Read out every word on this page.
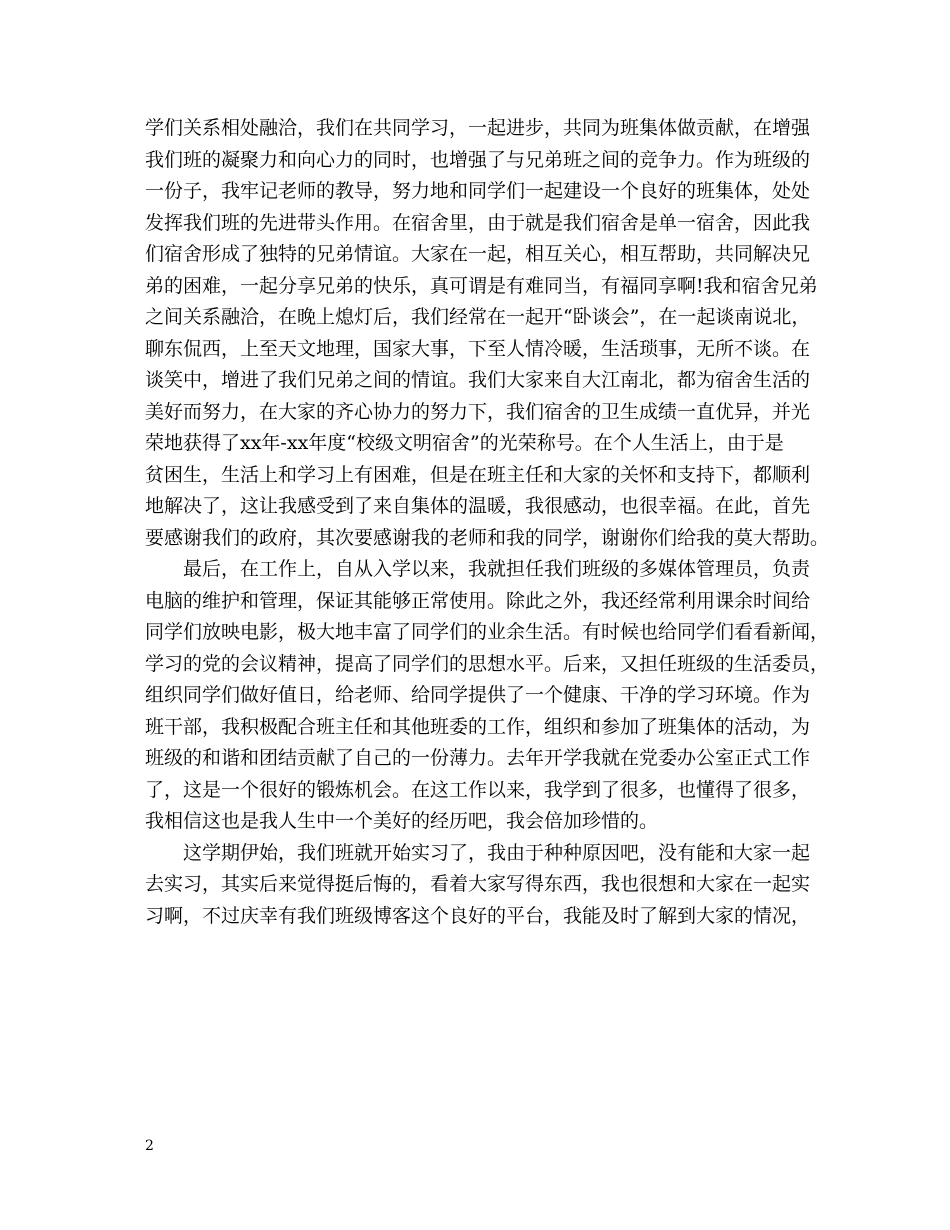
学们关系相处融洽，我们在共同学习，一起进步，共同为班集体做贡献，在增强
我们班的凝聚力和向心力的同时，也增强了与兄弟班之间的竞争力。作为班级的
一份子，我牢记老师的教导，努力地和同学们一起建设一个良好的班集体，处处
发挥我们班的先进带头作用。在宿舍里，由于就是我们宿舍是单一宿舍，因此我
们宿舍形成了独特的兄弟情谊。大家在一起，相互关心，相互帮助，共同解决兄
弟的困难，一起分享兄弟的快乐，真可谓是有难同当，有福同享啊!我和宿舍兄弟
之间关系融洽，在晚上熄灯后，我们经常在一起开“卧谈会”，在一起谈南说北，
聊东侃西，上至天文地理，国家大事，下至人情冷暖，生活琐事，无所不谈。在
谈笑中，增进了我们兄弟之间的情谊。我们大家来自大江南北，都为宿舍生活的
美好而努力，在大家的齐心协力的努力下，我们宿舍的卫生成绩一直优异，并光
荣地获得了xx年-xx年度“校级文明宿舍”的光荣称号。在个人生活上，由于是
贫困生，生活上和学习上有困难，但是在班主任和大家的关怀和支持下，都顺利
地解决了，这让我感受到了来自集体的温暖，我很感动，也很幸福。在此，首先
要感谢我们的政府，其次要感谢我的老师和我的同学，谢谢你们给我的莫大帮助。
　　最后，在工作上，自从入学以来，我就担任我们班级的多媒体管理员，负责
电脑的维护和管理，保证其能够正常使用。除此之外，我还经常利用课余时间给
同学们放映电影，极大地丰富了同学们的业余生活。有时候也给同学们看看新闻，
学习的党的会议精神，提高了同学们的思想水平。后来，又担任班级的生活委员，
组织同学们做好值日，给老师、给同学提供了一个健康、干净的学习环境。作为
班干部，我积极配合班主任和其他班委的工作，组织和参加了班集体的活动，为
班级的和谐和团结贡献了自己的一份薄力。去年开学我就在党委办公室正式工作
了，这是一个很好的锻炼机会。在这工作以来，我学到了很多，也懂得了很多，
我相信这也是我人生中一个美好的经历吧，我会倍加珍惜的。
　　这学期伊始，我们班就开始实习了，我由于种种原因吧，没有能和大家一起
去实习，其实后来觉得挺后悔的，看着大家写得东西，我也很想和大家在一起实
习啊，不过庆幸有我们班级博客这个良好的平台，我能及时了解到大家的情况，
2
